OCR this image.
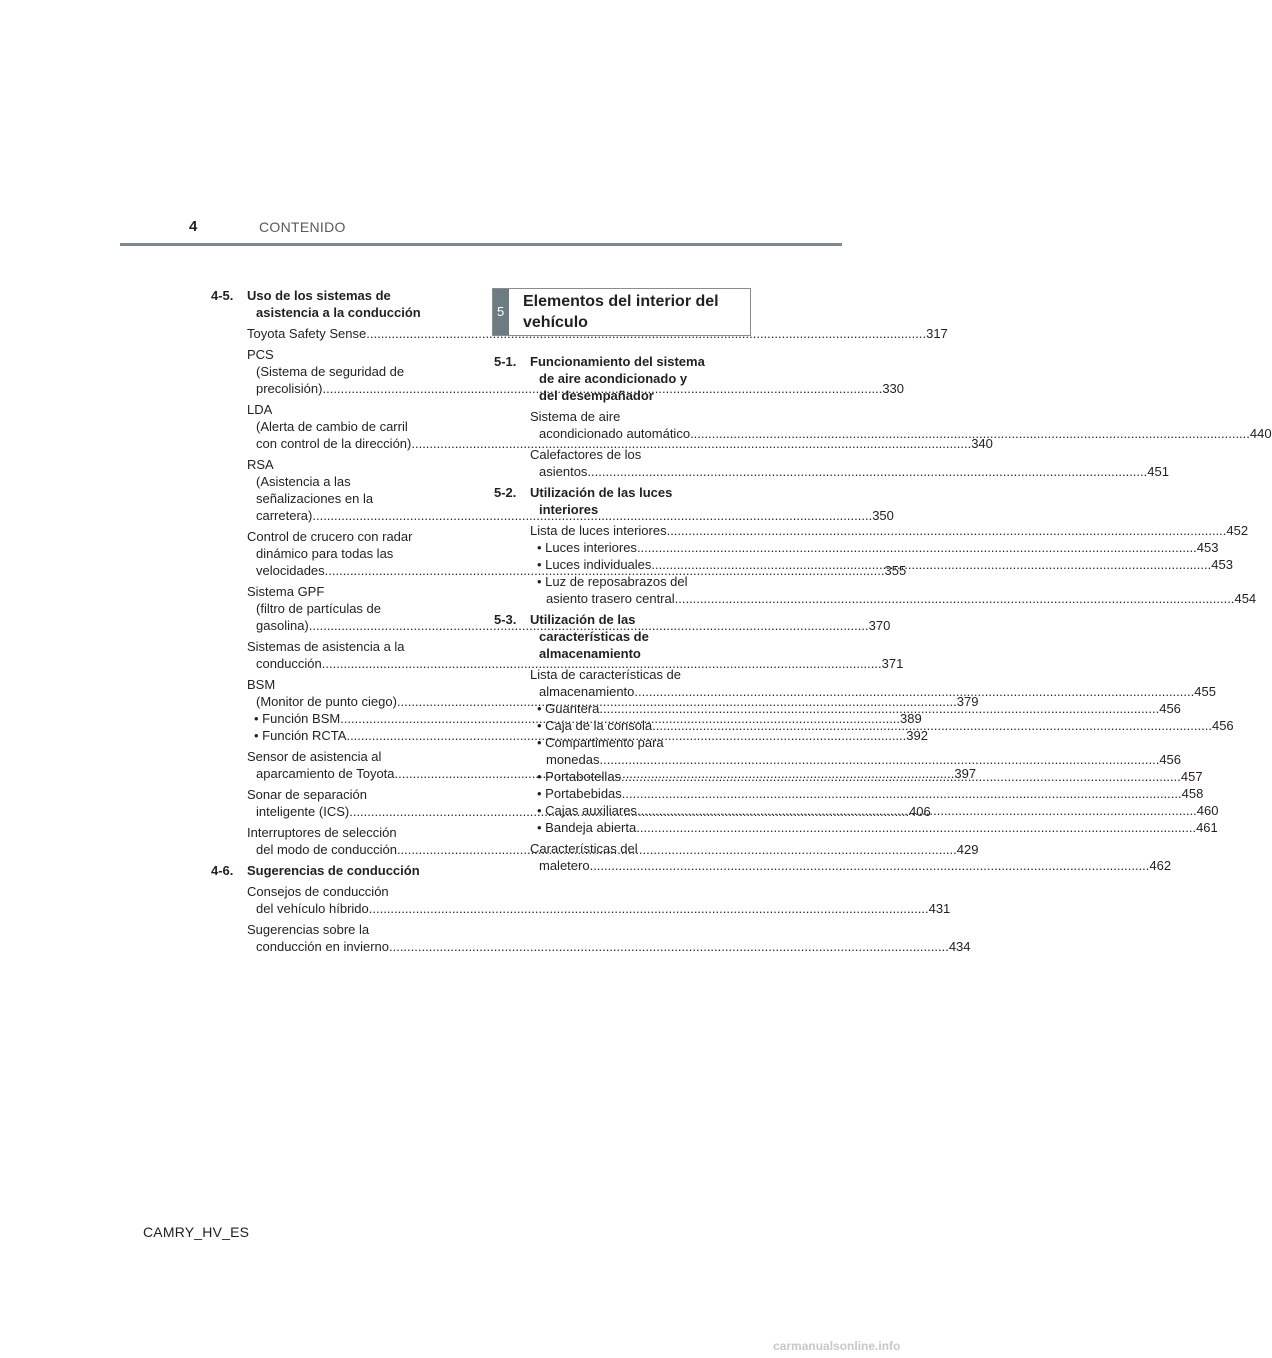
4	CONTENIDO
4-5.	Uso de los sistemas de
asistencia a la conducción
Toyota Safety Sense .....	317
PCS
(Sistema de seguridad de
precolisión) .....	330
LDA
(Alerta de cambio de carril
con control de la dirección) .....	340
RSA
(Asistencia a las
señalizaciones en la
carretera) .....	350
Control de crucero con radar
dinámico para todas las
velocidades .....	355
Sistema GPF
(filtro de partículas de
gasolina) .....	370
Sistemas de asistencia a la
conducción .....	371
BSM
(Monitor de punto ciego) .....	379
• Función BSM .....	389
• Función RCTA .....	392
Sensor de asistencia al
aparcamiento de Toyota .....	397
Sonar de separación
inteligente (ICS) .....	406
Interruptores de selección
del modo de conducción .....	429
4-6.	Sugerencias de conducción
Consejos de conducción
del vehículo híbrido .....	431
Sugerencias sobre la
conducción en invierno .....	434
5
Elementos del interior del
vehículo
5-1.	Funcionamiento del sistema
de aire acondicionado y
del desempañador
Sistema de aire
acondicionado automático .....	440
Calefactores de los
asientos .....	451
5-2.	Utilización de las luces
interiores
Lista de luces interiores .....	452
• Luces interiores .....	453
• Luces individuales .....	453
• Luz de reposabrazos del
asiento trasero central .....	454
5-3.	Utilización de las
características de
almacenamiento
Lista de características de
almacenamiento .....	455
• Guantera .....	456
• Caja de la consola .....	456
• Compartimento para
monedas .....	456
• Portabotellas .....	457
• Portabebidas .....	458
• Cajas auxiliares .....	460
• Bandeja abierta .....	461
Características del
maletero .....	462
CAMRY_HV_ES
carmanualsonline.info
